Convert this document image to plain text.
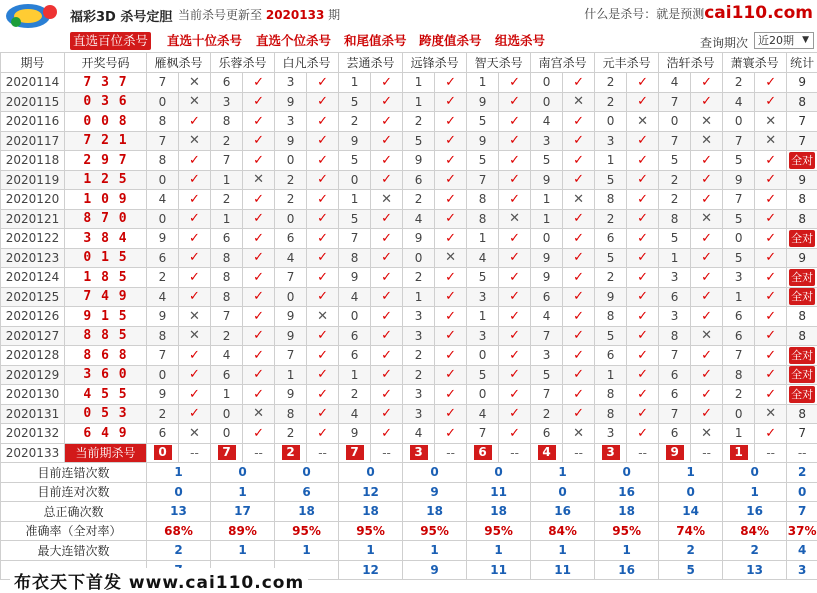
福彩3D 杀号定胆 当前杀号更新至 2020133 期	什么是杀号：就是预测cai110.com
直选百位杀号 直选十位杀号 直选个位杀号 和尾值杀号 跨度值杀号 组选杀号	查询期次 近20期 ▼
期号	开奖号码	雁枫杀号		乐蓉杀号		白凡杀号		芸通杀号		远锋杀号		智天杀号		南宫杀号		元丰杀号		浩轩杀号		萧寰杀号		统计
2020114	7 3 7	7	✕	6	✓	3	✓	1	✓	1	✓	1	✓	0	✓	2	✓	4	✓	2	✓	9
2020115	0 3 6	0	✕	3	✓	9	✓	5	✓	1	✓	9	✓	0	✕	2	✓	7	✓	4	✓	8
2020116	0 0 8	8	✓	8	✓	3	✓	2	✓	2	✓	5	✓	4	✓	0	✕	0	✕	0	✕	7
2020117	7 2 1	7	✕	2	✓	9	✓	9	✓	5	✓	9	✓	3	✓	3	✓	7	✕	7	✕	7
2020118	2 9 7	8	✓	7	✓	0	✓	5	✓	9	✓	5	✓	5	✓	1	✓	5	✓	5	✓	全对
2020119	1 2 5	0	✓	1	✕	2	✓	0	✓	6	✓	7	✓	9	✓	5	✓	2	✓	9	✓	9
2020120	1 0 9	4	✓	2	✓	2	✓	1	✕	2	✓	8	✓	1	✕	8	✓	2	✓	7	✓	8
2020121	8 7 0	0	✓	1	✓	0	✓	5	✓	4	✓	8	✕	1	✓	2	✓	8	✕	5	✓	8
2020122	3 8 4	9	✓	6	✓	6	✓	7	✓	9	✓	1	✓	0	✓	6	✓	5	✓	0	✓	全对
2020123	0 1 5	6	✓	8	✓	4	✓	8	✓	0	✕	4	✓	9	✓	5	✓	1	✓	5	✓	9
2020124	1 8 5	2	✓	8	✓	7	✓	9	✓	2	✓	5	✓	9	✓	2	✓	3	✓	3	✓	全对
2020125	7 4 9	4	✓	8	✓	0	✓	4	✓	1	✓	3	✓	6	✓	9	✓	6	✓	1	✓	全对
2020126	9 1 5	9	✕	7	✓	9	✕	0	✓	3	✓	1	✓	4	✓	8	✓	3	✓	6	✓	8
2020127	8 8 5	8	✕	2	✓	9	✓	6	✓	3	✓	3	✓	7	✓	5	✓	8	✕	6	✓	8
2020128	8 6 8	7	✓	4	✓	7	✓	6	✓	2	✓	0	✓	3	✓	6	✓	7	✓	7	✓	全对
2020129	3 6 0	0	✓	6	✓	1	✓	1	✓	2	✓	5	✓	5	✓	1	✓	6	✓	8	✓	全对
2020130	4 5 5	9	✓	1	✓	9	✓	2	✓	3	✓	0	✓	7	✓	8	✓	6	✓	2	✓	全对
2020131	0 5 3	2	✓	0	✕	8	✓	4	✓	3	✓	4	✓	2	✓	8	✓	7	✓	0	✕	8
2020132	6 4 9	6	✕	0	✓	2	✓	9	✓	4	✓	7	✓	6	✕	3	✓	6	✕	1	✓	7
2020133	当前期杀号	0	--	7	--	2	--	7	--	3	--	6	--	4	--	3	--	9	--	1	--	--
目前连错次数		1		0		0		0		0		0		1		0		1		0		2
目前连对次数		0		1		6		12		9		11		0		16		0		1		0
总正确次数		13		17		18		18		18		18		16		18		14		16		7
准确率（全对率）		68%		89%		95%		95%		95%		95%		84%		95%		74%		84%		37%
最大连错次数		2		1		1		1		1		1		1		1		2		2		4
				12		9		11		11		16		5		13		3
布衣天下首发 www.cai110.com
